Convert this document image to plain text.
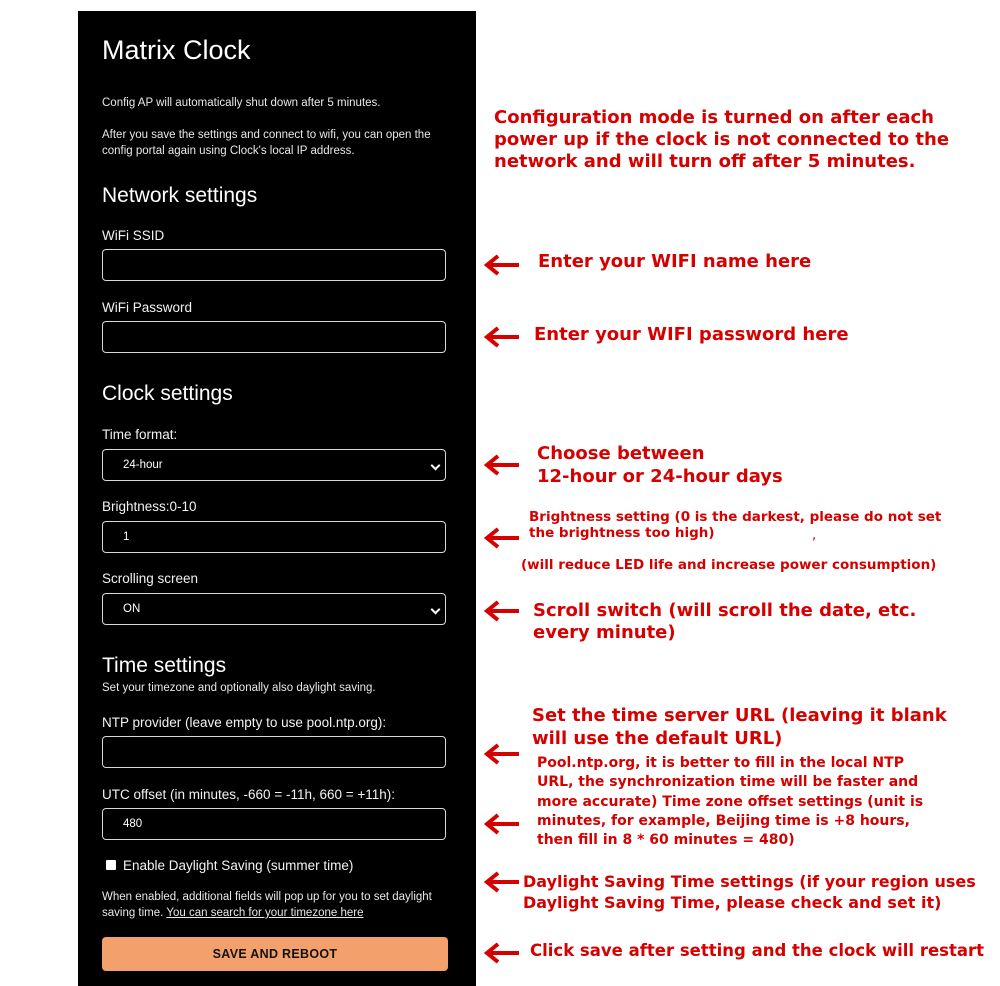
Matrix Clock
Config AP will automatically shut down after 5 minutes.
After you save the settings and connect to wifi, you can open the config portal again using Clock's local IP address.
Network settings
WiFi SSID
WiFi Password
Clock settings
Time format:
24-hour
Brightness:0-10
1
Scrolling screen
ON
Time settings
Set your timezone and optionally also daylight saving.
NTP provider (leave empty to use pool.ntp.org):
UTC offset (in minutes, -660 = -11h, 660 = +11h):
480
Enable Daylight Saving (summer time)
When enabled, additional fields will pop up for you to set daylight saving time. You can search for your timezone here
SAVE AND REBOOT
Configuration mode is turned on after each power up if the clock is not connected to the network and will turn off after 5 minutes.
Enter your WIFI name here
Enter your WIFI password here
Choose between
12-hour or 24-hour days
Brightness setting (0 is the darkest, please do not set
the brightness too high)	,
(will reduce LED life and increase power consumption)
Scroll switch (will scroll the date, etc.
every minute)
Set the time server URL (leaving it blank
will use the default URL)
Pool.ntp.org, it is better to fill in the local NTP URL, the synchronization time will be faster and more accurate) Time zone offset settings (unit is minutes, for example, Beijing time is +8 hours, then fill in 8 * 60 minutes = 480)
Daylight Saving Time settings (if your region uses Daylight Saving Time, please check and set it)
Click save after setting and the clock will restart
